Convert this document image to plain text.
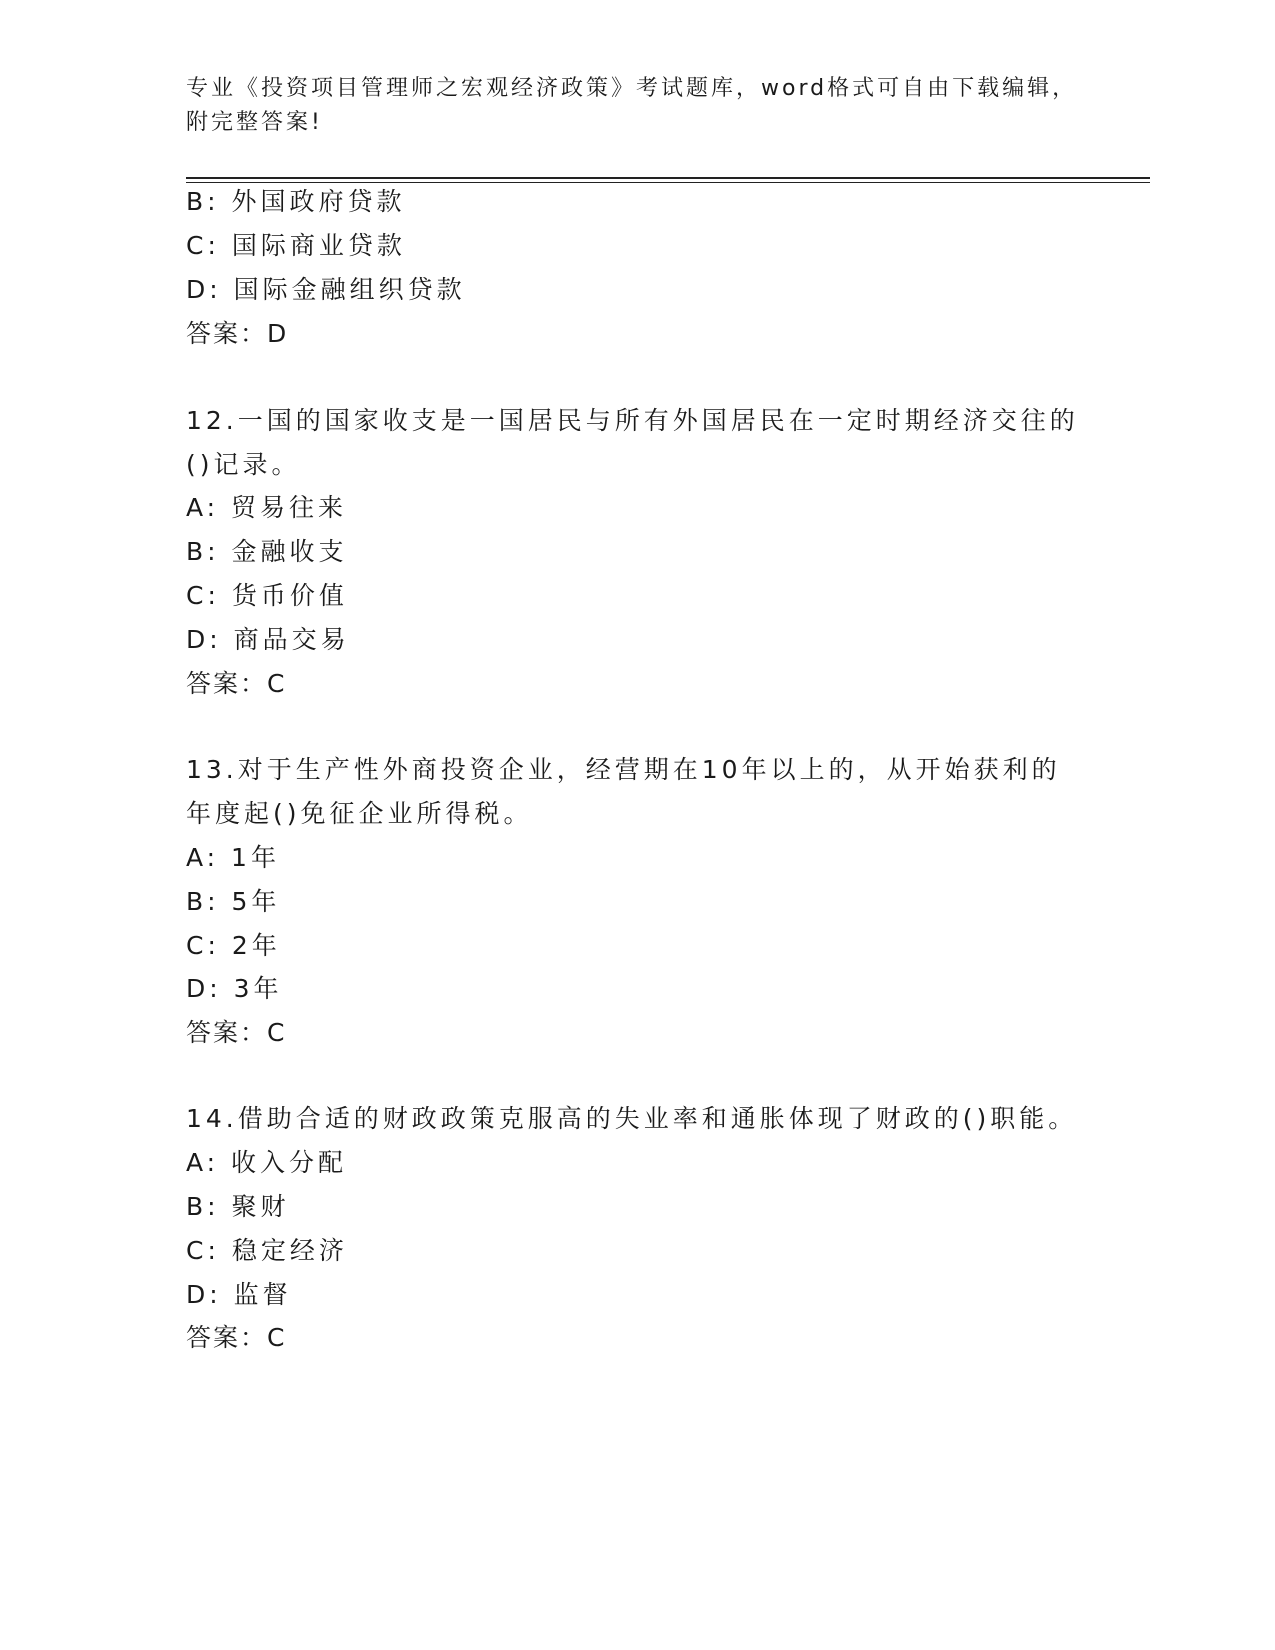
专业《投资项目管理师之宏观经济政策》考试题库，word格式可自由下载编辑，
附完整答案!
B: 外国政府贷款
C: 国际商业贷款
D: 国际金融组织贷款
答案：D
12.一国的国家收支是一国居民与所有外国居民在一定时期经济交往的
()记录。
A: 贸易往来
B: 金融收支
C: 货币价值
D: 商品交易
答案：C
13.对于生产性外商投资企业，经营期在10年以上的，从开始获利的
年度起()免征企业所得税。
A: 1年
B: 5年
C: 2年
D: 3年
答案：C
14.借助合适的财政政策克服高的失业率和通胀体现了财政的()职能。
A: 收入分配
B: 聚财
C: 稳定经济
D: 监督
答案：C
